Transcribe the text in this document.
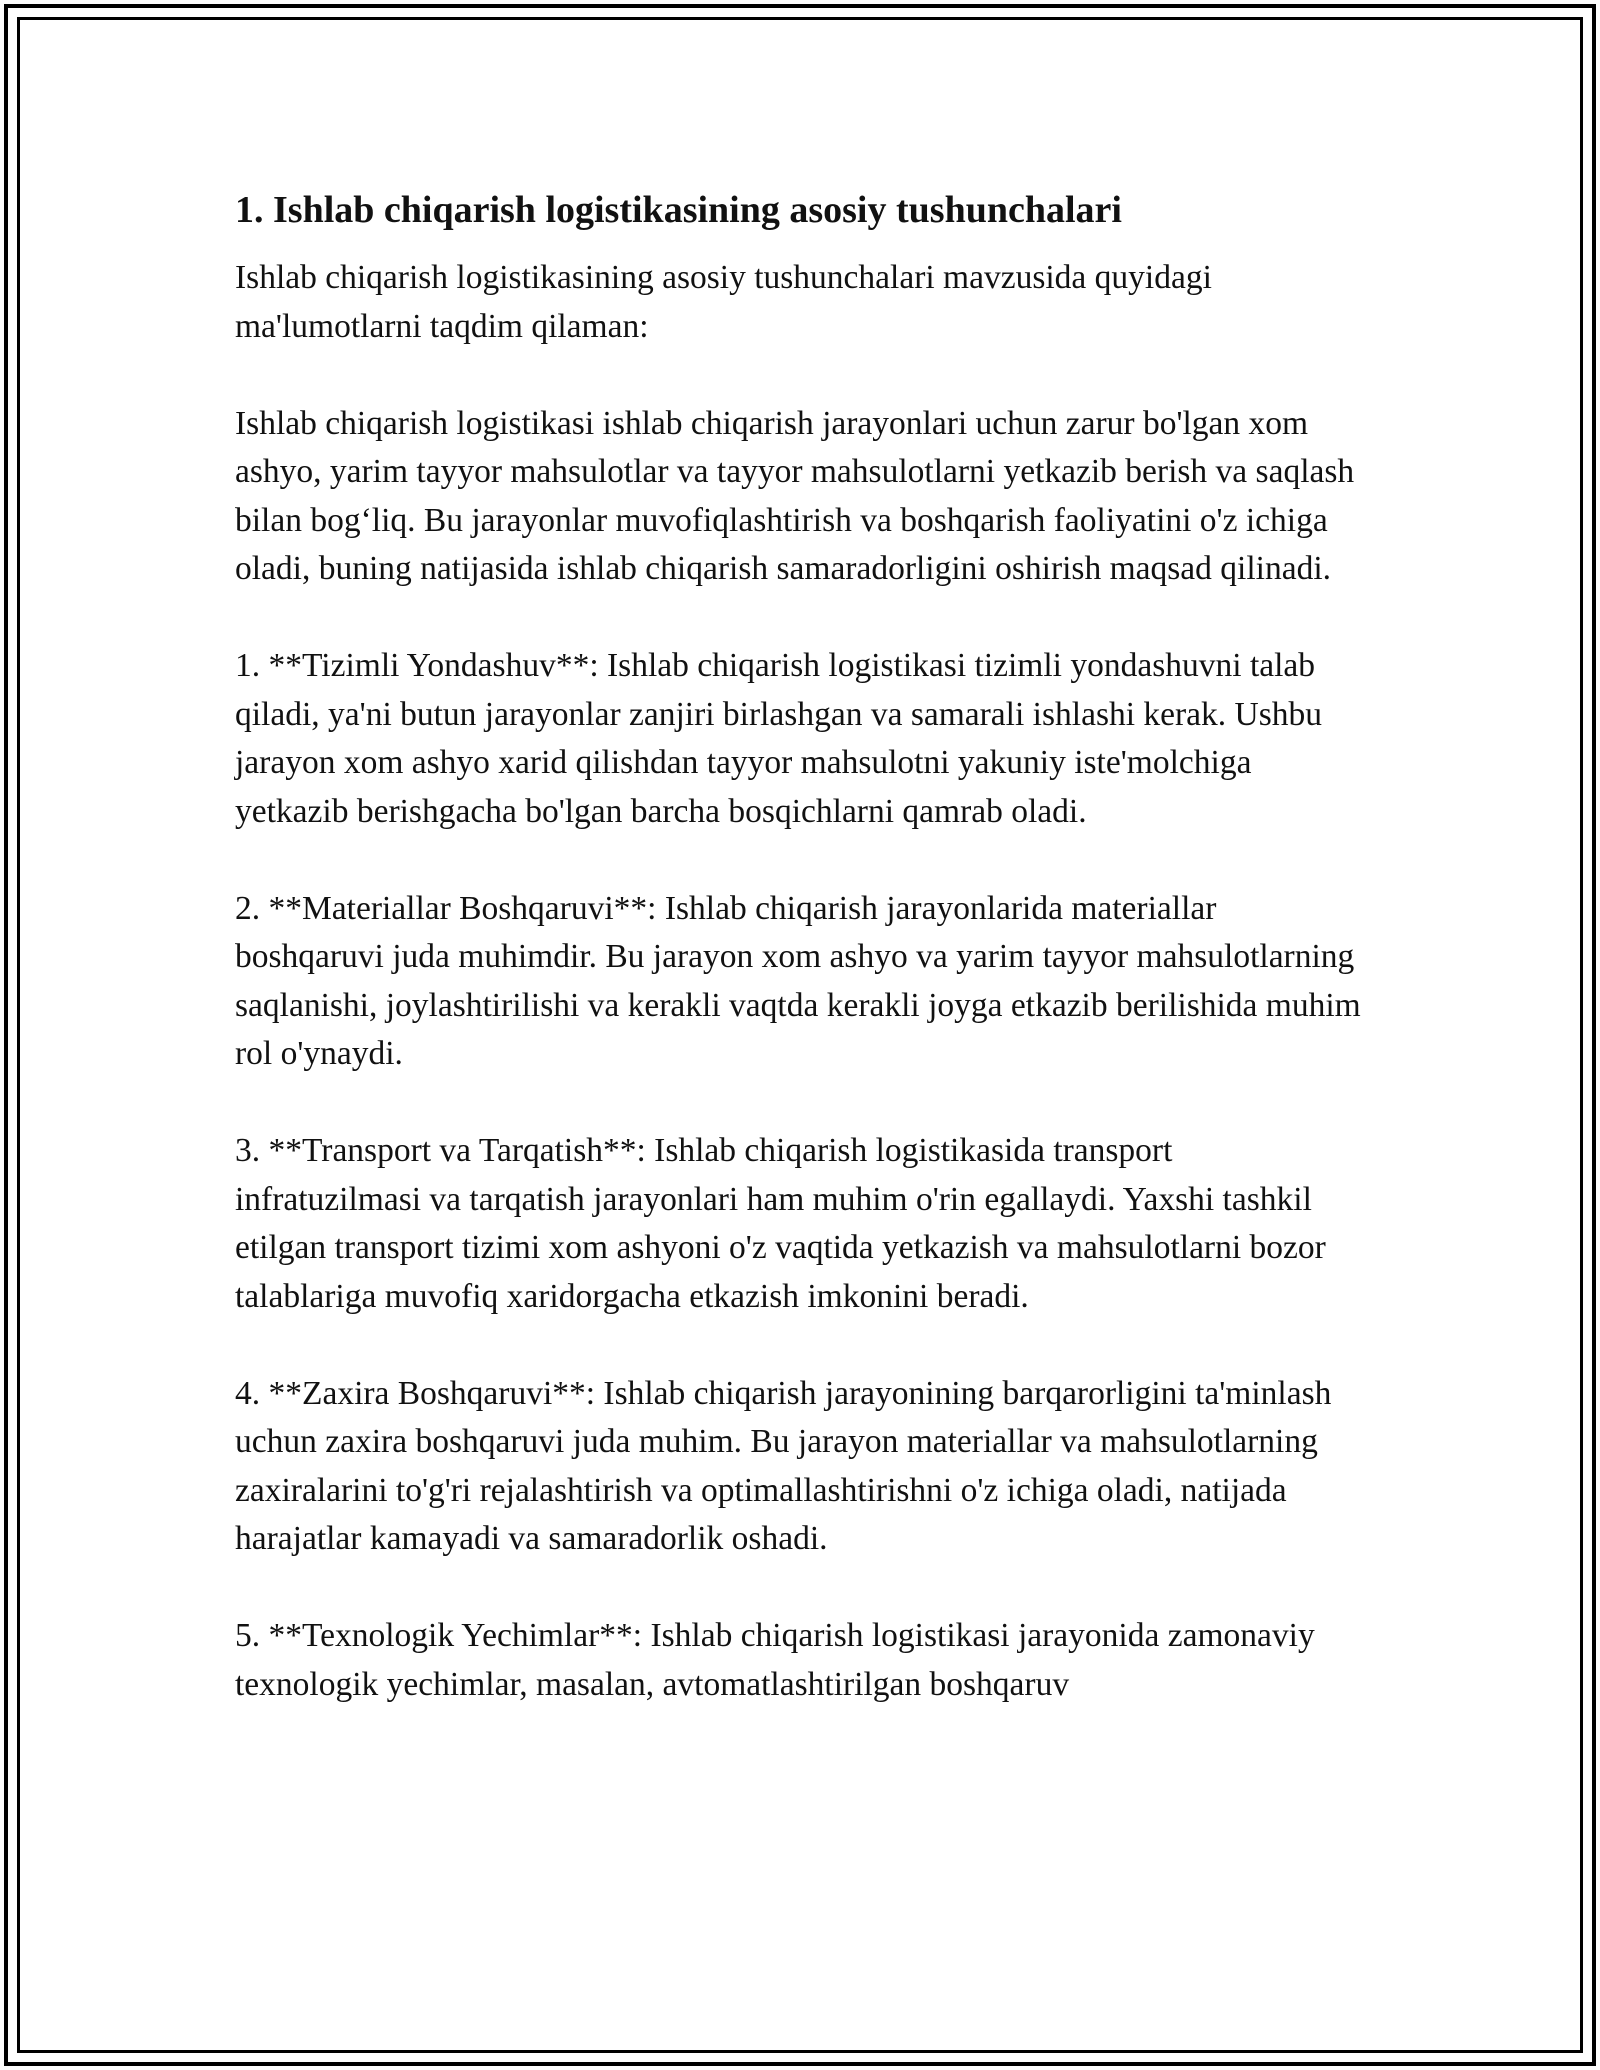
1. Ishlab chiqarish logistikasining asosiy tushunchalari

Ishlab chiqarish logistikasining asosiy tushunchalari mavzusida quyidagi ma'lumotlarni taqdim qilaman:

Ishlab chiqarish logistikasi ishlab chiqarish jarayonlari uchun zarur bo'lgan xom ashyo, yarim tayyor mahsulotlar va tayyor mahsulotlarni yetkazib berish va saqlash bilan bog‘liq. Bu jarayonlar muvofiqlashtirish va boshqarish faoliyatini o'z ichiga oladi, buning natijasida ishlab chiqarish samaradorligini oshirish maqsad qilinadi.

1. **Tizimli Yondashuv**: Ishlab chiqarish logistikasi tizimli yondashuvni talab qiladi, ya'ni butun jarayonlar zanjiri birlashgan va samarali ishlashi kerak. Ushbu jarayon xom ashyo xarid qilishdan tayyor mahsulotni yakuniy iste'molchiga yetkazib berishgacha bo'lgan barcha bosqichlarni qamrab oladi.

2. **Materiallar Boshqaruvi**: Ishlab chiqarish jarayonlarida materiallar boshqaruvi juda muhimdir. Bu jarayon xom ashyo va yarim tayyor mahsulotlarning saqlanishi, joylashtirilishi va kerakli vaqtda kerakli joyga etkazib berilishida muhim rol o'ynaydi.

3. **Transport va Tarqatish**: Ishlab chiqarish logistikasida transport infratuzilmasi va tarqatish jarayonlari ham muhim o'rin egallaydi. Yaxshi tashkil etilgan transport tizimi xom ashyoni o'z vaqtida yetkazish va mahsulotlarni bozor talablariga muvofiq xaridorgacha etkazish imkonini beradi.

4. **Zaxira Boshqaruvi**: Ishlab chiqarish jarayonining barqarorligini ta'minlash uchun zaxira boshqaruvi juda muhim. Bu jarayon materiallar va mahsulotlarning zaxiralarini to'g'ri rejalashtirish va optimallashtirishni o'z ichiga oladi, natijada harajatlar kamayadi va samaradorlik oshadi.

5. **Texnologik Yechimlar**: Ishlab chiqarish logistikasi jarayonida zamonaviy texnologik yechimlar, masalan, avtomatlashtirilgan boshqaruv
